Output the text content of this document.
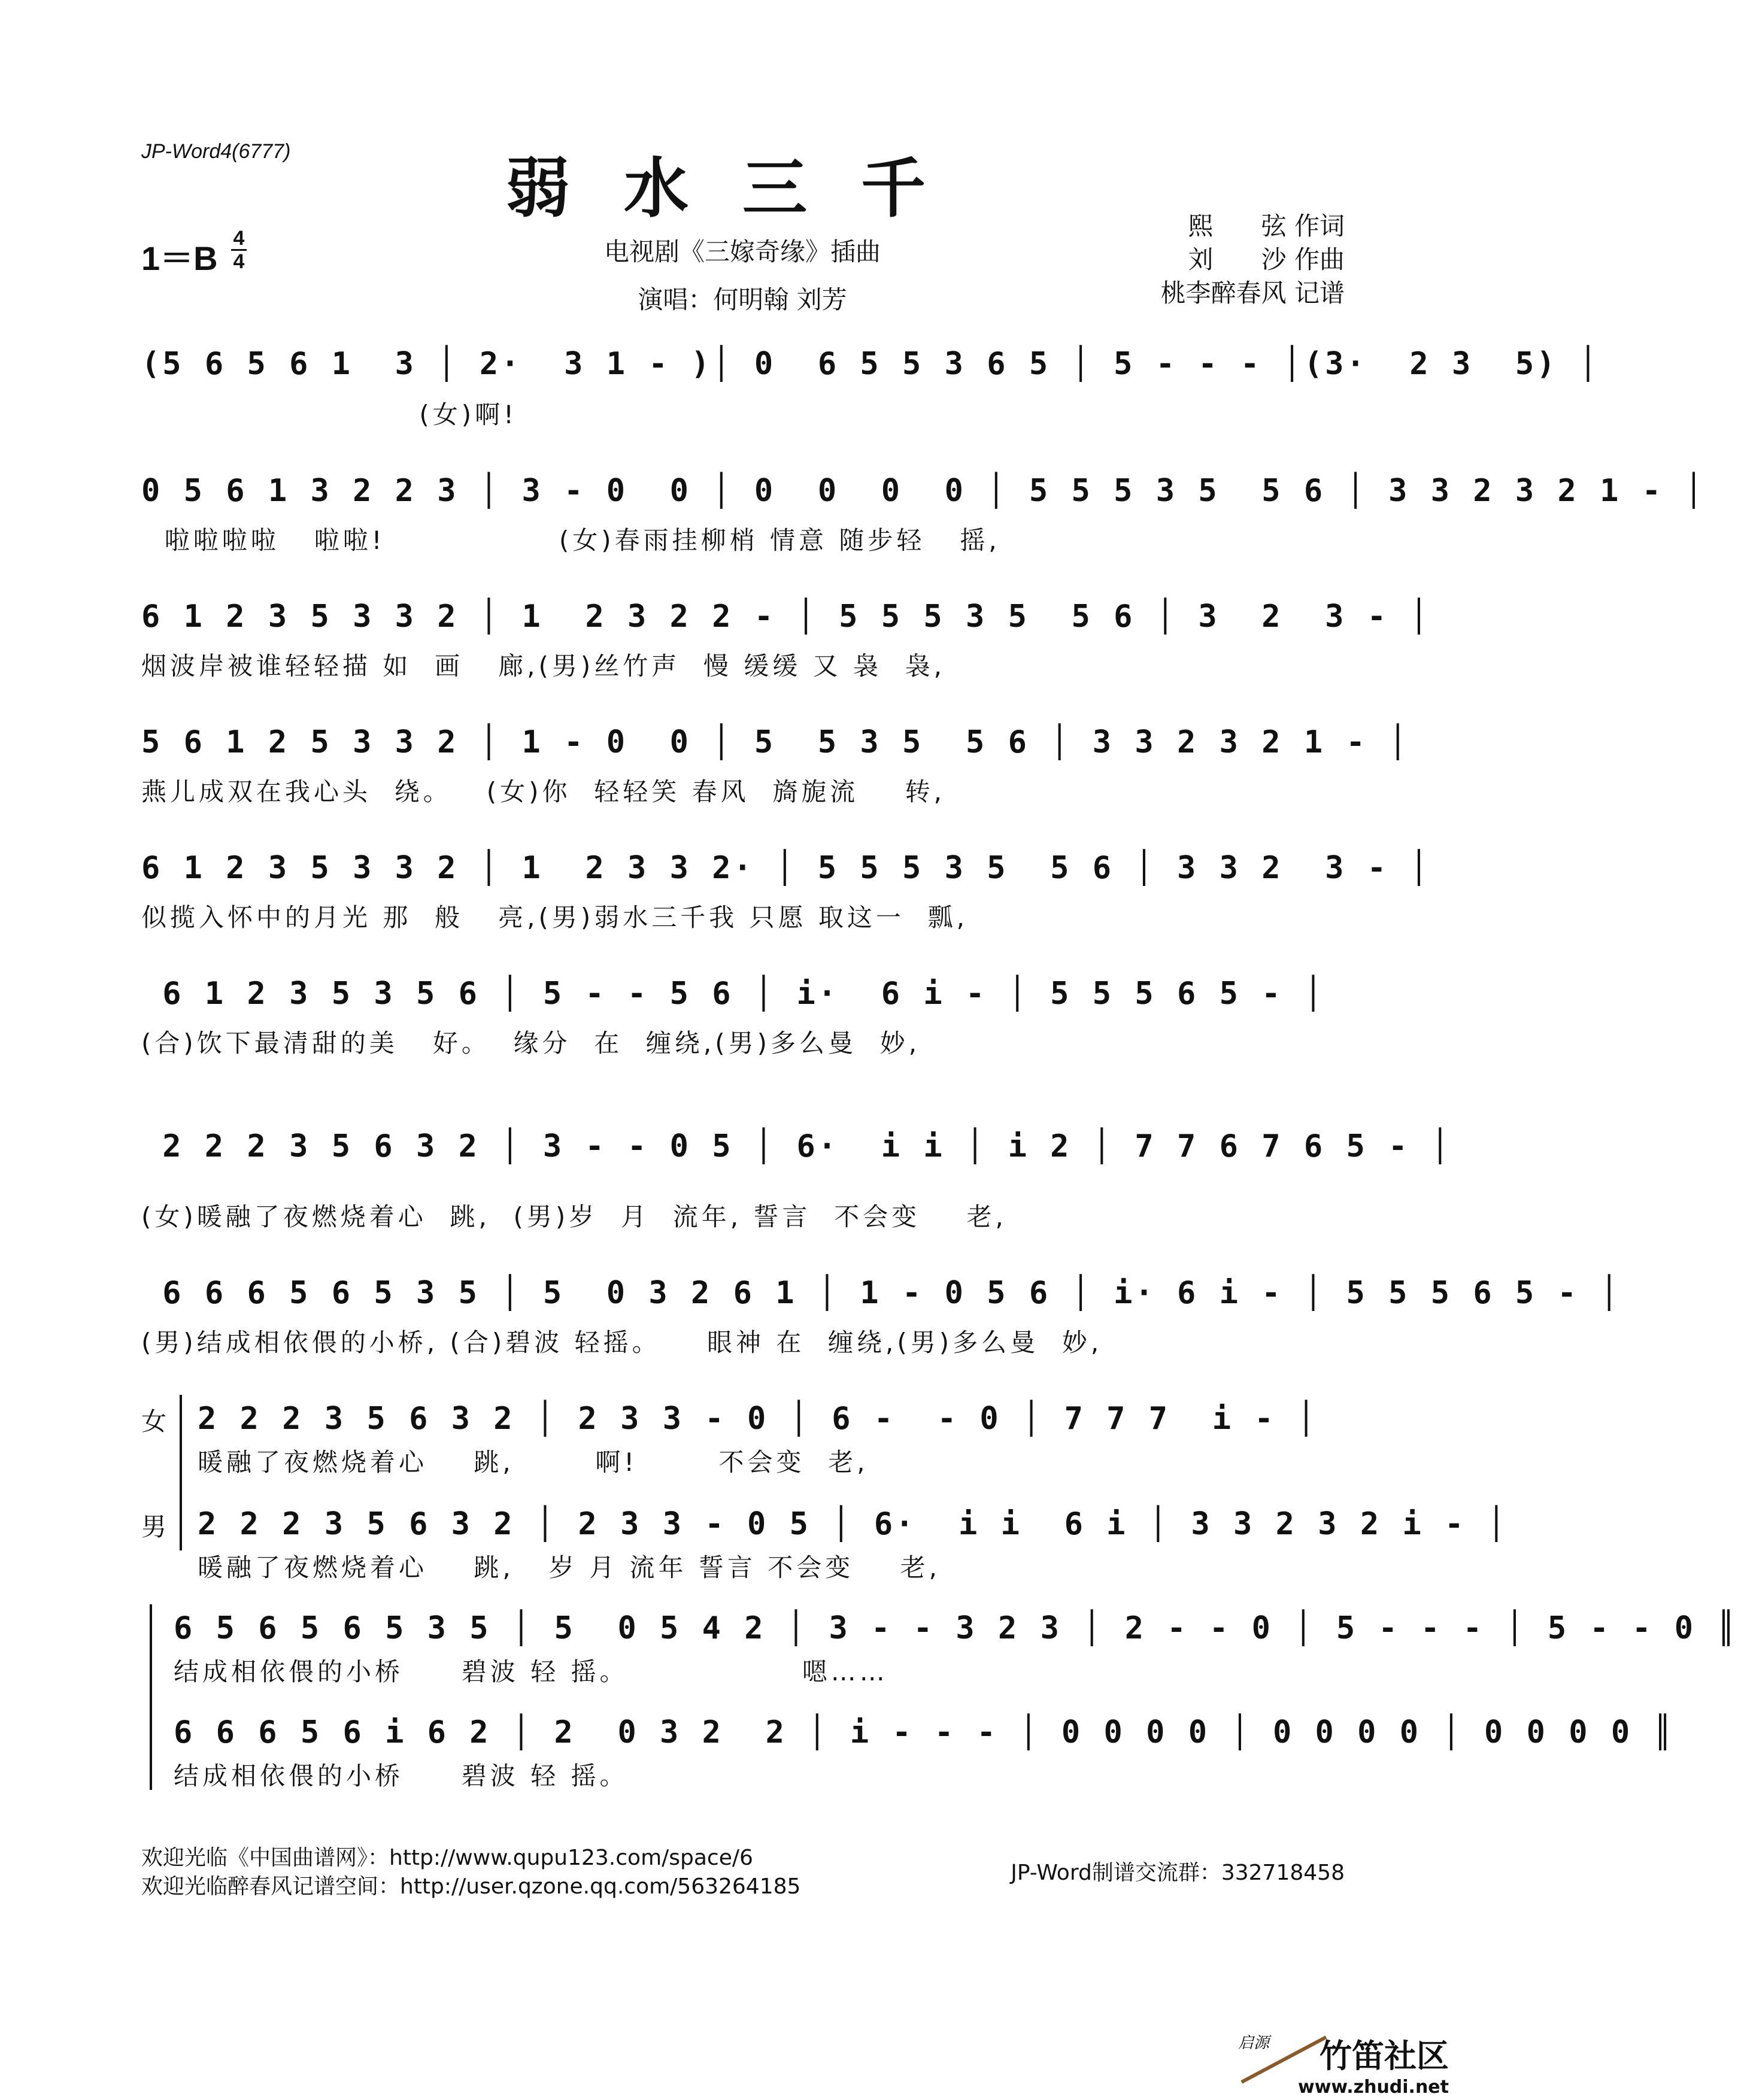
JP-Word4(6777)	弱水三千
1＝B
4
4	电视剧《三嫁奇缘》插曲
演唱：何明翰 刘芳
熙      弦 作词
刘      沙 作曲
桃李醉春风 记谱
(5 6 5 6 1  3 │ 2·  3 1 - )│ 0  6 5 5 3 6 5 │ 5 - - - │(3·  2 3  5) │
(女)啊!
0 5 6 1 3 2 2 3 │ 3 - 0  0 │ 0  0  0  0 │ 5 5 5 3 5  5 6 │ 3 3 2 3 2 1 - │
啦啦啦啦   啦啦!               (女)春雨挂柳梢 情意 随步轻   摇,
6 1 2 3 5 3 3 2 │ 1  2 3 2 2 - │ 5 5 5 3 5  5 6 │ 3  2  3 - │
烟波岸被谁轻轻描 如  画   廊,(男)丝竹声  慢 缓缓 又 袅  袅,
5 6 1 2 5 3 3 2 │ 1 - 0  0 │ 5  5 3 5  5 6 │ 3 3 2 3 2 1 - │
燕儿成双在我心头  绕。   (女)你  轻轻笑 春风  旖旎流    转,
6 1 2 3 5 3 3 2 │ 1  2 3 3 2· │ 5 5 5 3 5  5 6 │ 3 3 2  3 - │
似揽入怀中的月光 那  般   亮,(男)弱水三千我 只愿 取这一  瓢,
6 1 2 3 5 3 5 6 │ 5 - - 5 6 │ i·  6 i - │ 5 5 5 6 5 - │
(合)饮下最清甜的美   好。  缘分  在  缠绕,(男)多么曼  妙,
2 2 2 3 5 6 3 2 │ 3 - - 0 5 │ 6·  i i │ i 2 │ 7 7 6 7 6 5 - │
(女)暖融了夜燃烧着心  跳,  (男)岁  月  流年, 誓言  不会变    老,
6 6 6 5 6 5 3 5 │ 5  0 3 2 6 1 │ 1 - 0 5 6 │ i· 6 i - │ 5 5 5 6 5 - │
(男)结成相依偎的小桥, (合)碧波 轻摇。    眼神 在  缠绕,(男)多么曼  妙,
女 2 2 2 3 5 6 3 2 │ 2 3 3 - 0 │ 6 -  - 0 │ 7 7 7  i - │
暖融了夜燃烧着心    跳,       啊!       不会变  老,
男 2 2 2 3 5 6 3 2 │ 2 3 3 - 0 5 │ 6·  i i  6 i │ 3 3 2 3 2 i - │
暖融了夜燃烧着心    跳,   岁 月 流年 誓言 不会变    老,
6 5 6 5 6 5 3 5 │ 5  0 5 4 2 │ 3 - - 3 2 3 │ 2 - - 0 │ 5 - - - │ 5 - - 0 ║
结成相依偎的小桥     碧波 轻 摇。               嗯……
6 6 6 5 6 i 6 2 │ 2  0 3 2  2 │ i - - - │ 0 0 0 0 │ 0 0 0 0 │ 0 0 0 0 ║
结成相依偎的小桥     碧波 轻 摇。
欢迎光临《中国曲谱网》：http://www.qupu123.com/space/6
欢迎光临醉春风记谱空间：http://user.qzone.qq.com/563264185
JP-Word制谱交流群：332718458
启源	竹笛社区
www.zhudi.net
